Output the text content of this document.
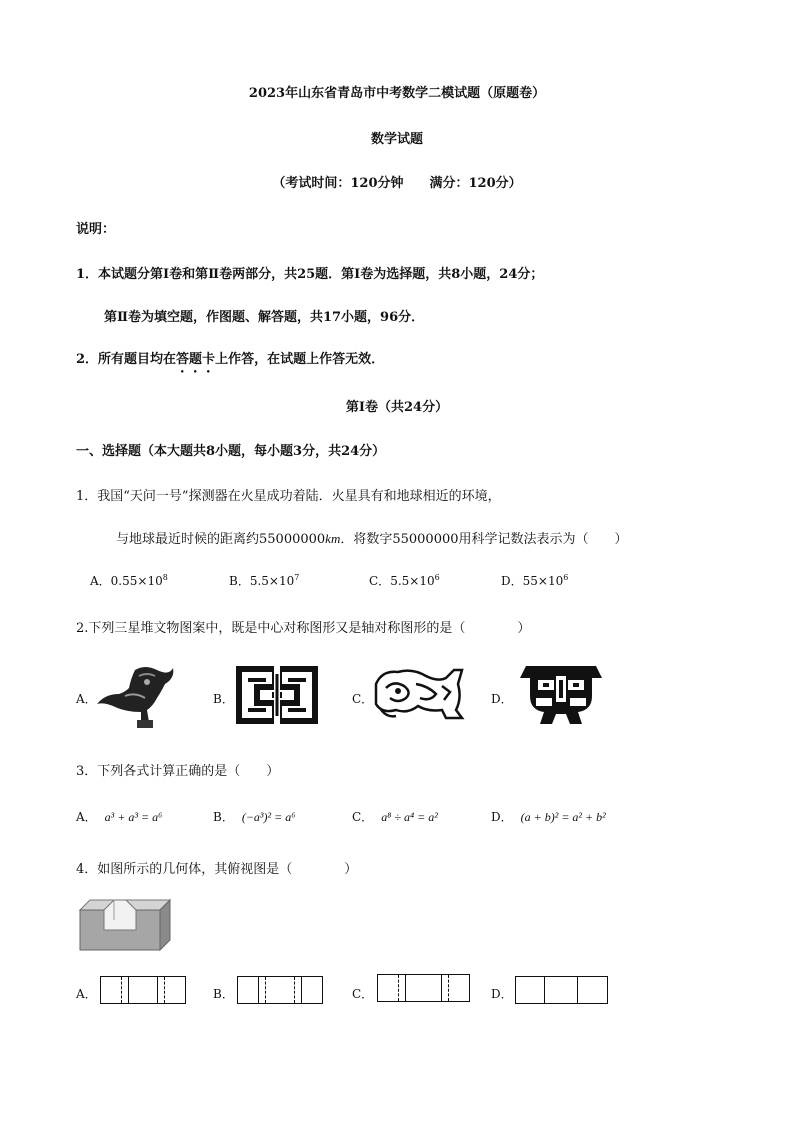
2023年山东省青岛市中考数学二模试题（原题卷）
数学试题
（考试时间：120分钟　　满分：120分）
说明：
1．本试题分第Ⅰ卷和第Ⅱ卷两部分，共25题．第Ⅰ卷为选择题，共8小题，24分；
第Ⅱ卷为填空题，作图题、解答题，共17小题，96分．
2．所有题目均在答题卡上作答，在试题上作答无效．
第Ⅰ卷（共24分）
一、选择题（本大题共8小题，每小题3分，共24分）
1．我国“天问一号”探测器在火星成功着陆．火星具有和地球相近的环境，
与地球最近时候的距离约55000000km．将数字55000000用科学记数法表示为（　　）
A．$0.55\times 10^8$	B．$5.5\times 10^7$	C．$5.5\times 10^6$	D．$55\times 10^6$
2.下列三星堆文物图案中，既是中心对称图形又是轴对称图形的是（　　　　）
A．	B．	C．	D．
3．下列各式计算正确的是（　　）
A． a³ + a³ = a⁶	B． (−a³)² = a⁶	C． a⁸ ÷ a⁴ = a²	D． (a + b)² = a² + b²
4．如图所示的几何体，其俯视图是（　　　　）
A．	B．	C．	D．
